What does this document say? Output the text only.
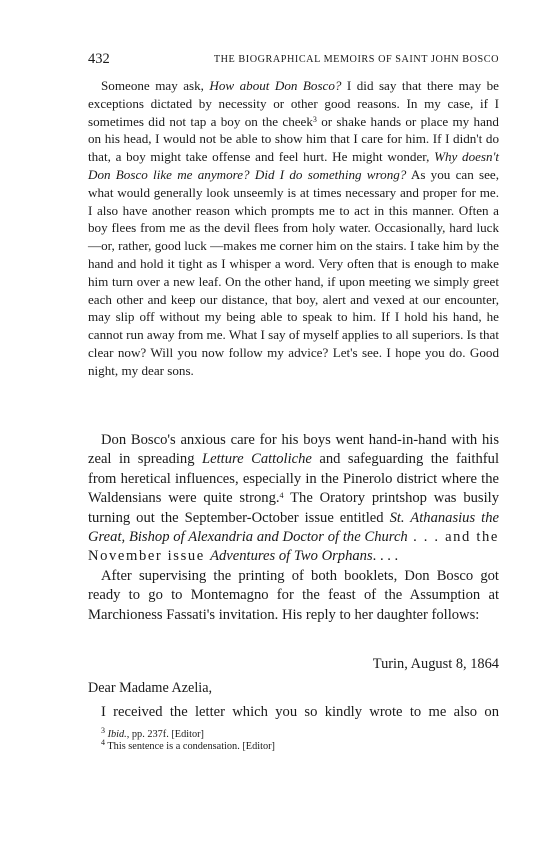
432	THE BIOGRAPHICAL MEMOIRS OF SAINT JOHN BOSCO

Someone may ask, How about Don Bosco? I did say that there may be exceptions dictated by necessity or other good reasons. In my case, if I sometimes did not tap a boy on the cheek$^3$ or shake hands or place my hand on his head, I would not be able to show him that I care for him. If I didn't do that, a boy might take offense and feel hurt. He might wonder, Why doesn't Don Bosco like me anymore? Did I do something wrong? As you can see, what would generally look unseemly is at times necessary and proper for me. I also have another reason which prompts me to act in this manner. Often a boy flees from me as the devil flees from holy water. Occasionally, hard luck—or, rather, good luck —makes me corner him on the stairs. I take him by the hand and hold it tight as I whisper a word. Very often that is enough to make him turn over a new leaf. On the other hand, if upon meeting we simply greet each other and keep our distance, that boy, alert and vexed at our encounter, may slip off without my being able to speak to him. If I hold his hand, he cannot run away from me. What I say of myself applies to all superiors. Is that clear now? Will you now follow my advice? Let's see. I hope you do. Good night, my dear sons.

Don Bosco's anxious care for his boys went hand-in-hand with his zeal in spreading Letture Cattoliche and safeguarding the faithful from heretical influences, especially in the Pinerolo district where the Waldensians were quite strong.$^4$ The Oratory printshop was busily turning out the September-October issue entitled St. Athanasius the Great, Bishop of Alexandria and Doctor of the Church . . . and the November issue Adventures of Two Orphans. . . .

After supervising the printing of both booklets, Don Bosco got ready to go to Montemagno for the feast of the Assumption at Marchioness Fassati's invitation. His reply to her daughter follows:

Turin, August 8, 1864
Dear Madame Azelia,
I received the letter which you so kindly wrote to me also on
$^3$ Ibid., pp. 237f. [Editor]
$^4$ This sentence is a condensation. [Editor]
